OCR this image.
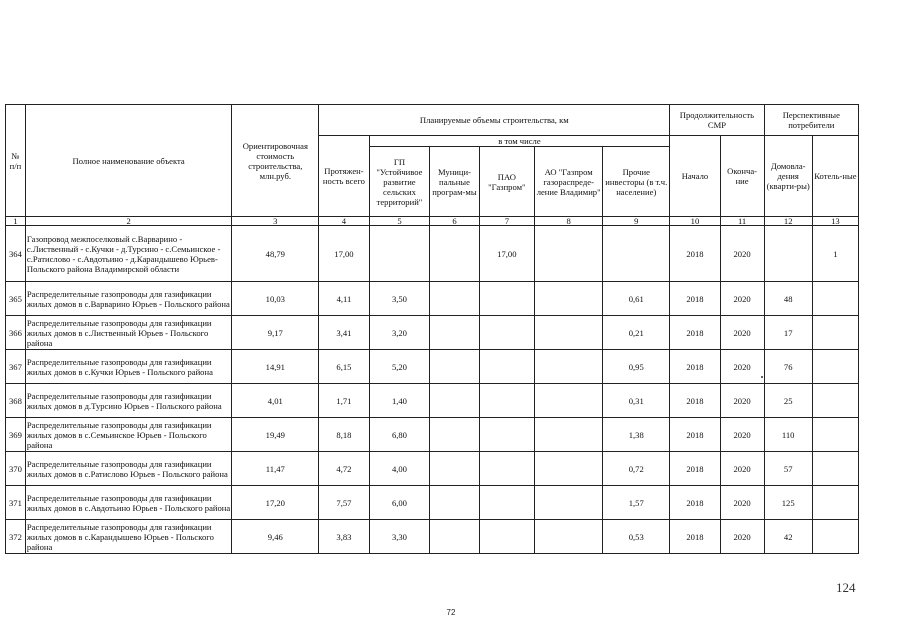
№ п/п	Полное наименование объекта	Ориентировочная стоимость строительства, млн.руб.	Планируемые объемы строительства, км						Продолжительность СМР		Перспективные потребители	
			Протяжен-ность всего	в том числе					Начало	Оконча-ние	Домовла-дения (кварти-ры)	Котель-ные
				ГП "Устойчивое развитие сельских территорий"	Муници-пальные програм-мы	ПАО "Газпром"	АО "Газпром газораспреде-ление Владимир"	Прочие инвесторы (в т.ч. население)				
1	2	3	4	5	6	7	8	9	10	11	12	13
364	Газопровод межпоселковый с.Варварино - с.Лиственный - с.Кучки - д.Турсино - с.Семьинское - с.Ратислово - с.Авдотьино - д.Карандышево Юрьев-Польского района Владимирской области	48,79	17,00			17,00			2018	2020		1
365	Распределительные газопроводы для газификации жилых домов в с.Варварино Юрьев - Польского района	10,03	4,11	3,50				0,61	2018	2020	48	
366	Распределительные газопроводы для газификации жилых домов в с.Лиственный Юрьев - Польского района	9,17	3,41	3,20				0,21	2018	2020	17	
367	Распределительные газопроводы для газификации жилых домов в с.Кучки Юрьев - Польского района	14,91	6,15	5,20				0,95	2018	2020	76	
368	Распределительные газопроводы для газификации жилых домов в д.Турсино Юрьев - Польского района	4,01	1,71	1,40				0,31	2018	2020	25	
369	Распределительные газопроводы для газификации жилых домов в с.Семьинское Юрьев - Польского района	19,49	8,18	6,80				1,38	2018	2020	110	
370	Распределительные газопроводы для газификации жилых домов в с.Ратислово Юрьев - Польского района	11,47	4,72	4,00				0,72	2018	2020	57	
371	Распределительные газопроводы для газификации жилых домов в с.Авдотьино Юрьев - Польского района	17,20	7,57	6,00				1,57	2018	2020	125	
372	Распределительные газопроводы для газификации жилых домов в с.Карандышево Юрьев - Польского района	9,46	3,83	3,30				0,53	2018	2020	42	
124
72
